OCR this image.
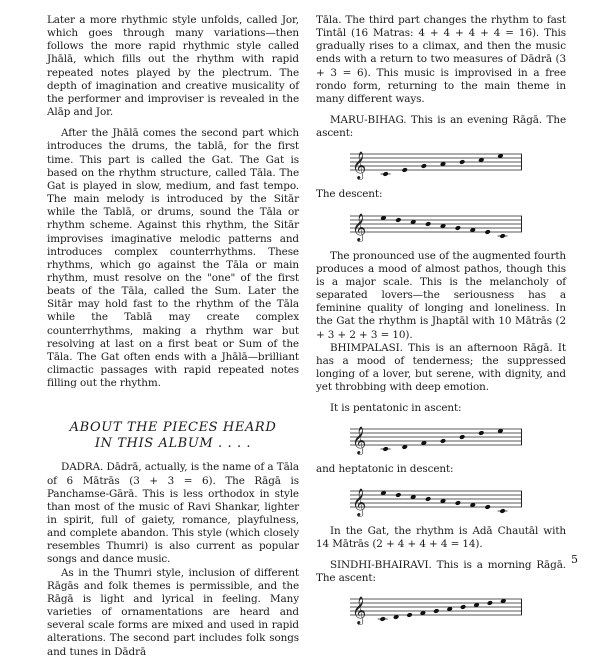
Later a more rhythmic style unfolds, called Jor, which goes through many variations—then follows the more rapid rhythmic style called Jhālā, which fills out the rhythm with rapid repeated notes played by the plectrum. The depth of imagination and creative musicality of the performer and improviser is revealed in the Alāp and Jor.

After the Jhālā comes the second part which introduces the drums, the tablā, for the first time. This part is called the Gat. The Gat is based on the rhythm structure, called Tāla. The Gat is played in slow, medium, and fast tempo. The main melody is introduced by the Sitār while the Tablā, or drums, sound the Tāla or rhythm scheme. Against this rhythm, the Sitār improvises imaginative melodic patterns and introduces complex counterrhythms. These rhythms, which go against the Tāla or main rhythm, must resolve on the "one" of the first beats of the Tāla, called the Sum. Later the Sitār may hold fast to the rhythm of the Tāla while the Tablā may create complex counterrhythms, making a rhythm war but resolving at last on a first beat or Sum of the Tāla. The Gat often ends with a Jhālā—brilliant climactic passages with rapid repeated notes filling out the rhythm.

ABOUT THE PIECES HEARD
IN THIS ALBUM . . . .

DADRA. Dādrā, actually, is the name of a Tāla of 6 Mātrās (3 + 3 = 6). The Rāgā is Panchamse-Gārā. This is less orthodox in style than most of the music of Ravi Shankar, lighter in spirit, full of gaiety, romance, playfulness, and complete abandon. This style (which closely resembles Thumri) is also current as popular songs and dance music.

As in the Thumri style, inclusion of different Rāgās and folk themes is permissible, and the Rāgā is light and lyrical in feeling. Many varieties of ornamentations are heard and several scale forms are mixed and used in rapid alterations. The second part includes folk songs and tunes in Dādrā

Tāla. The third part changes the rhythm to fast Tintāl (16 Matras: 4 + 4 + 4 + 4 = 16). This gradually rises to a climax, and then the music ends with a return to two measures of Dādrā (3 + 3 = 6). This music is improvised in a free rondo form, returning to the main theme in many different ways.

MARU-BIHAG. This is an evening Rāgā. The ascent:

𝄞

The descent:

𝄞

The pronounced use of the augmented fourth produces a mood of almost pathos, though this is a major scale. This is the melancholy of separated lovers—the seriousness has a feminine quality of longing and loneliness. In the Gat the rhythm is Jhaptāl with 10 Mātrās (2 + 3 + 2 + 3 = 10).

BHIMPALASI. This is an afternoon Rāgā. It has a mood of tenderness; the suppressed longing of a lover, but serene, with dignity, and yet throbbing with deep emotion.

It is pentatonic in ascent:

𝄞

and heptatonic in descent:

𝄞

In the Gat, the rhythm is Adā Chautāl with 14 Mātrās (2 + 4 + 4 + 4 = 14).

SINDHI-BHAIRAVI. This is a morning Rāgā. The ascent:

𝄞
5
